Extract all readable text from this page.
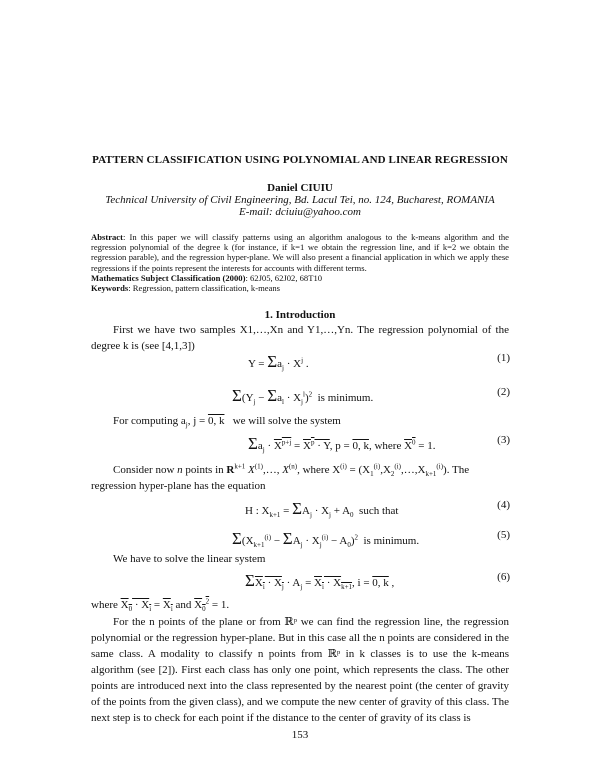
PATTERN CLASSIFICATION USING POLYNOMIAL AND LINEAR REGRESSION
Daniel CIUIU
Technical University of Civil Engineering, Bd. Lacul Tei, no. 124, Bucharest, ROMANIA
E-mail: dciuiu@yahoo.com
Abstract: In this paper we will classify patterns using an algorithm analogous to the k-means algorithm and the regression polynomial of the degree k (for instance, if k=1 we obtain the regression line, and if k=2 we obtain the regression parable), and the regression hyper-plane. We will also present a financial application in which we apply these regressions if the points represent the interests for accounts with different terms.
Mathematics Subject Classification (2000): 62J05, 62J02, 68T10
Keywords: Regression, pattern classification, k-means
1. Introduction
First we have two samples X1,…,Xn and Y1,…,Yn. The regression polynomial of the degree k is (see [4,1,3])
$Y = \Sigma a_j \cdot X^j$ .	(1)
$\Sigma(Y_j - \Sigma a_l \cdot X_j^l)^2$ is minimum.	(2)
For computing $a_j$, j = 0, k we will solve the system
$\Sigma a_j \cdot X^{p+j} = X^p \cdot Y$, p = 0, k, where $X^0 = 1$.	(3)
Consider now n points in $R^{k+1}$ $X^{(1)},\dots$, $X^{(n)}$, where $X^{(i)}$ = $(X_1^{(i)},X_2^{(i)},\dots,X_{k+1}^{(i)})$. The
regression hyper-plane has the equation
H : $X_{k+1} = \Sigma A_j \cdot X_j + A_0$ such that	(4)
$\Sigma(X_{k+1}^{(i)} - \Sigma A_j \cdot X_j^{(i)} - A_0)^2$ is minimum.	(5)
We have to solve the linear system
$\Sigma X_i \cdot X_j \cdot A_j = X_i \cdot X_{k+1}$, i = 0, k ,	(6)
where $X_0 \cdot X_i = X_i$ and $X_0^2 = 1$.
For the n points of the plane or from ℝᵖ we can find the regression line, the regression polynomial or the regression hyper-plane. But in this case all the n points are considered in the same class. A modality to classify n points from ℝᵖ in k classes is to use the k-means algorithm (see [2]). First each class has only one point, which represents the class. The other points are introduced next into the class represented by the nearest point (the center of gravity of the points from the given class), and we compute the new center of gravity of this class. The next step is to check for each point if the distance to the center of gravity of its class is
153
